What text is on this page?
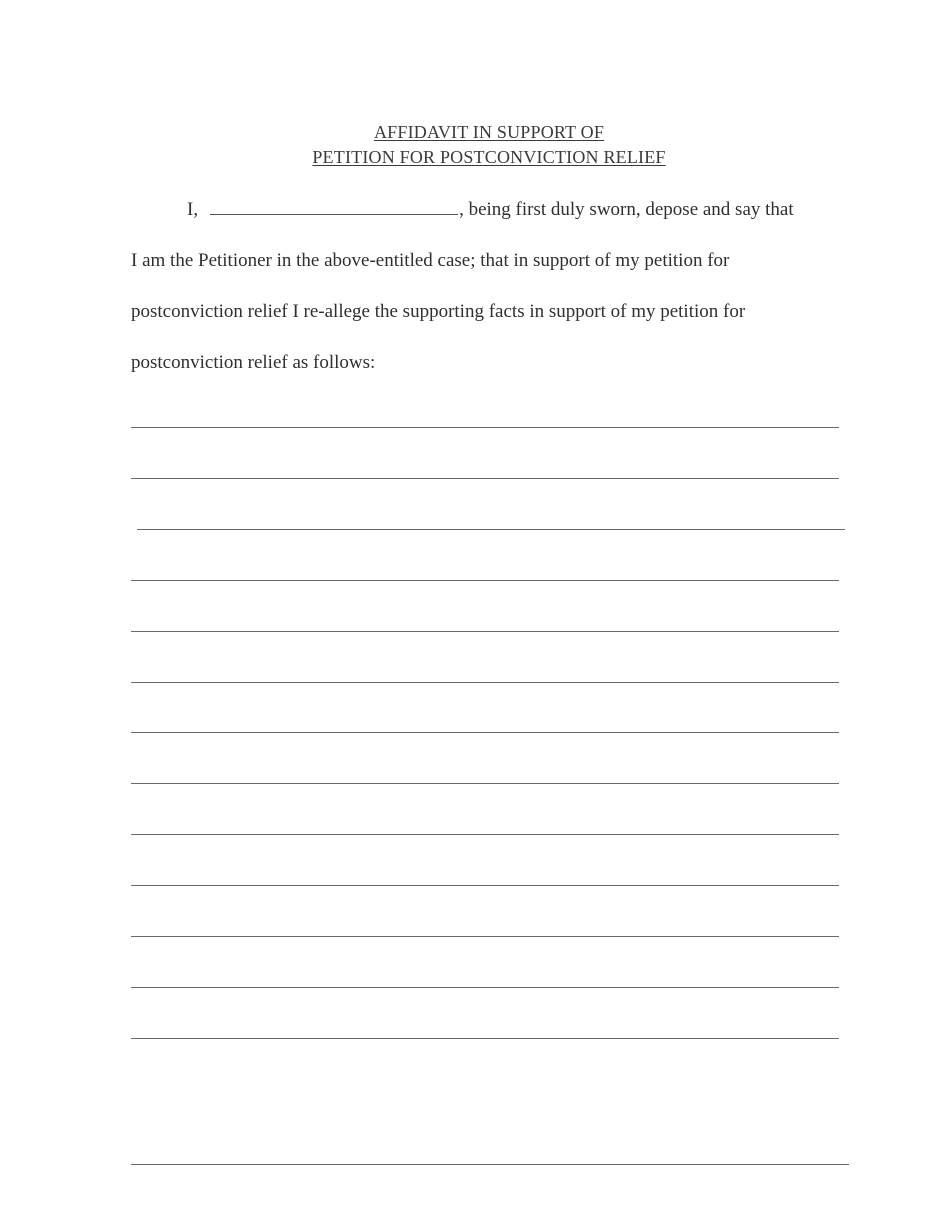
AFFIDAVIT IN SUPPORT OF
PETITION FOR POSTCONVICTION RELIEF
I,	, being first duly sworn, depose and say that
I am the Petitioner in the above-entitled case; that in support of my petition for
postconviction relief I re-allege the supporting facts in support of my petition for
postconviction relief as follows:
